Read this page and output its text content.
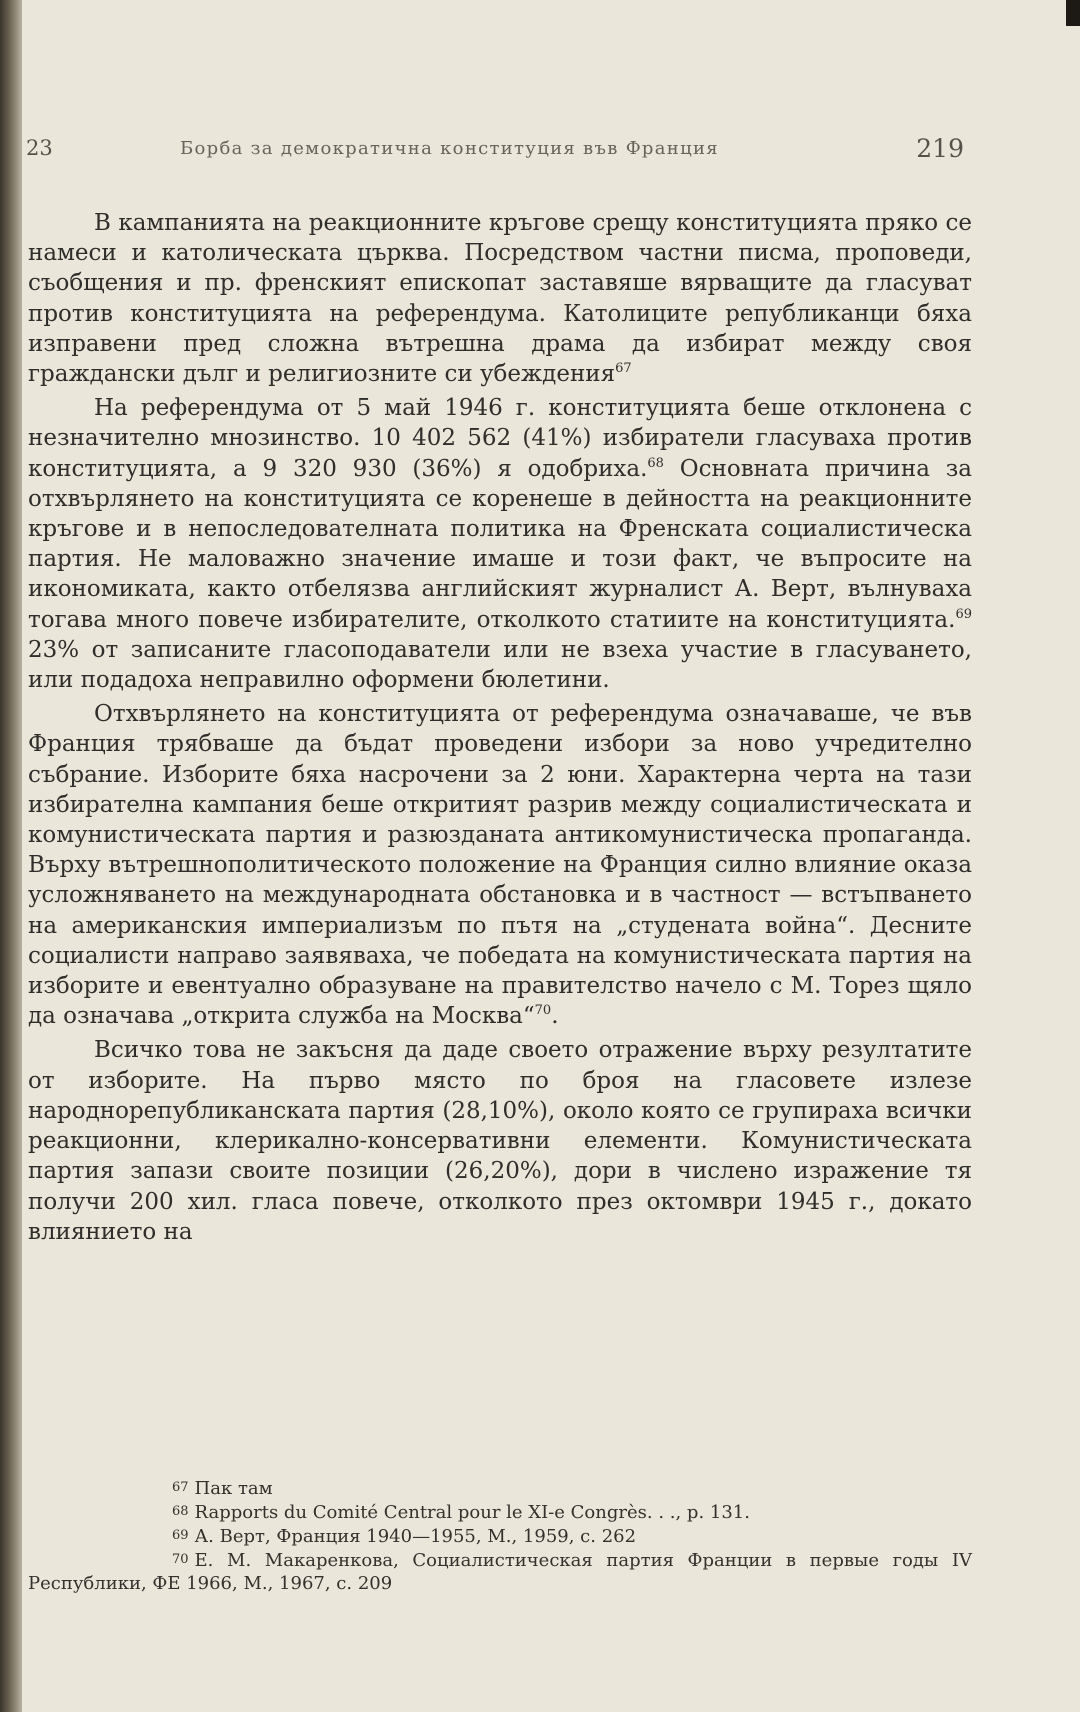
23	Борба за демократична конституция във Франция	219

В кампанията на реакционните кръгове срещу конституцията пряко се намеси и католическата църква. Посредством частни писма, проповеди, съобщения и пр. френският епископат заставяше вярващите да гласуват против конституцията на референдума. Католиците републиканци бяха изправени пред сложна вътрешна драма да избират между своя граждански дълг и религиозните си убеждения$^{67}$

На референдума от 5 май 1946 г. конституцията беше отклонена с незначително мнозинство. 10 402 562 (41%) избиратели гласуваха против конституцията, а 9 320 930 (36%) я одобриха.$^{68}$ Основната причина за отхвърлянето на конституцията се коренеше в дейността на реакционните кръгове и в непоследователната политика на Френската социалистическа партия. Не маловажно значение имаше и този факт, че въпросите на икономиката, както отбелязва английският журналист А. Верт, вълнуваха тогава много повече избирателите, отколкото статиите на конституцията.$^{69}$ 23% от записаните гласоподаватели или не взеха участие в гласуването, или подадоха неправилно оформени бюлетини.

Отхвърлянето на конституцията от референдума означаваше, че във Франция трябваше да бъдат проведени избори за ново учредително събрание. Изборите бяха насрочени за 2 юни. Характерна черта на тази избирателна кампания беше откритият разрив между социалистическата и комунистическата партия и разюзданата антикомунистическа пропаганда. Върху вътрешнополитическото положение на Франция силно влияние оказа усложняването на международната обстановка и в частност — встъпването на американския империализъм по пътя на „студената война“. Десните социалисти направо заявяваха, че победата на комунистическата партия на изборите и евентуално образуване на правителство начело с М. Торез щяло да означава „открита служба на Москва“$^{70}$.

Всичко това не закъсня да даде своето отражение върху резултатите от изборите. На първо място по броя на гласовете излезе народнорепубликанската партия (28,10%), около която се групираха всички реакционни, клерикално-консервативни елементи. Комунистическата партия запази своите позиции (26,20%), дори в числено изражение тя получи 200 хил. гласа повече, отколкото през октомври 1945 г., докато влиянието на

67 Пак там
68 Rapports du Comité Central pour le XI-e Congrès. . ., p. 131.
69 А. Верт, Франция 1940—1955, М., 1959, с. 262
70 Е. М. Макаренкова, Социалистическая партия Франции в первые годы IV Республики, ФЕ 1966, М., 1967, с. 209
